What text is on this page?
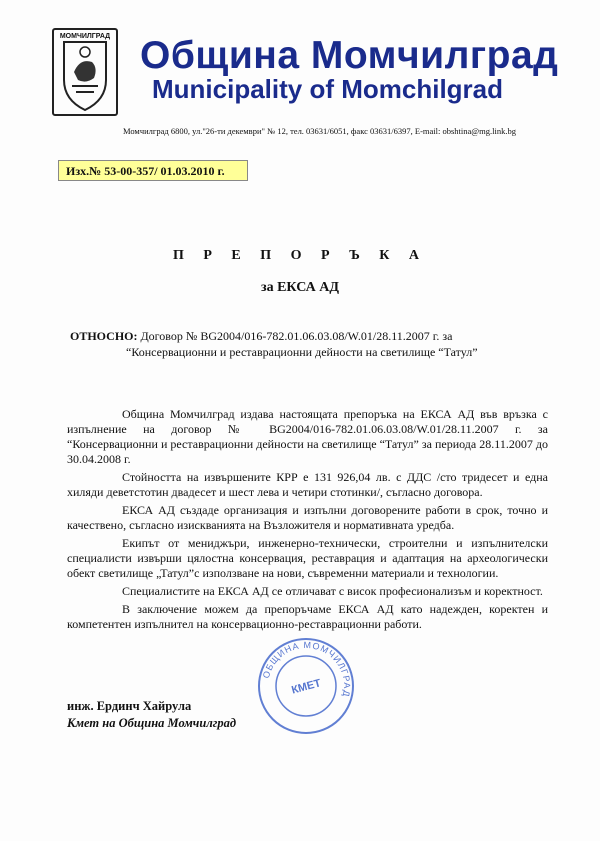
МОМЧИЛГРАД Община Момчилград
Municipality of Momchilgrad
Момчилград 6800, ул."26-ти декември" № 12, тел. 03631/6051, факс 03631/6397, E-mail: obshtina@mg.link.bg
Изх.№ 53-00-357/ 01.03.2010 г.
П Р Е П О Р Ъ К А
за ЕКСА АД
ОТНОСНО: Договор № BG2004/016-782.01.06.03.08/W.01/28.11.2007 г. за
“Консервационни и реставрационни дейности на светилище “Татул”

Община Момчилград издава настоящата препоръка на ЕКСА АД във връзка с изпълнение на договор № BG2004/016-782.01.06.03.08/W.01/28.11.2007 г. за “Консервационни и реставрационни дейности на светилище “Татул” за периода 28.11.2007 до 30.04.2008 г.

Стойността на извършените КРР е 131 926,04 лв. с ДДС /сто тридесет и една хиляди деветстотин двадесет и шест лева и четири стотинки/, съгласно договора.

ЕКСА АД създаде организация и изпълни договорените работи в срок, точно и качествено, съгласно изискванията на Възложителя и нормативната уредба.

Екипът от мениджъри, инженерно-технически, строителни и изпълнителски специалисти извърши цялостна консервация, реставрация и адаптация на археологически обект светилище „Татул”с използване на нови, съвременни материали и технологии.

Специалистите на ЕКСА АД се отличават с висок професионализъм и коректност.

В заключение можем да препоръчаме ЕКСА АД като надежден, коректен и компетентен изпълнител на консервационно-реставрационни работи.

ОБЩИНА МОМЧИЛГРАД
КМЕТ
инж. Ердинч Хайрула
Кмет на Община Момчилград
